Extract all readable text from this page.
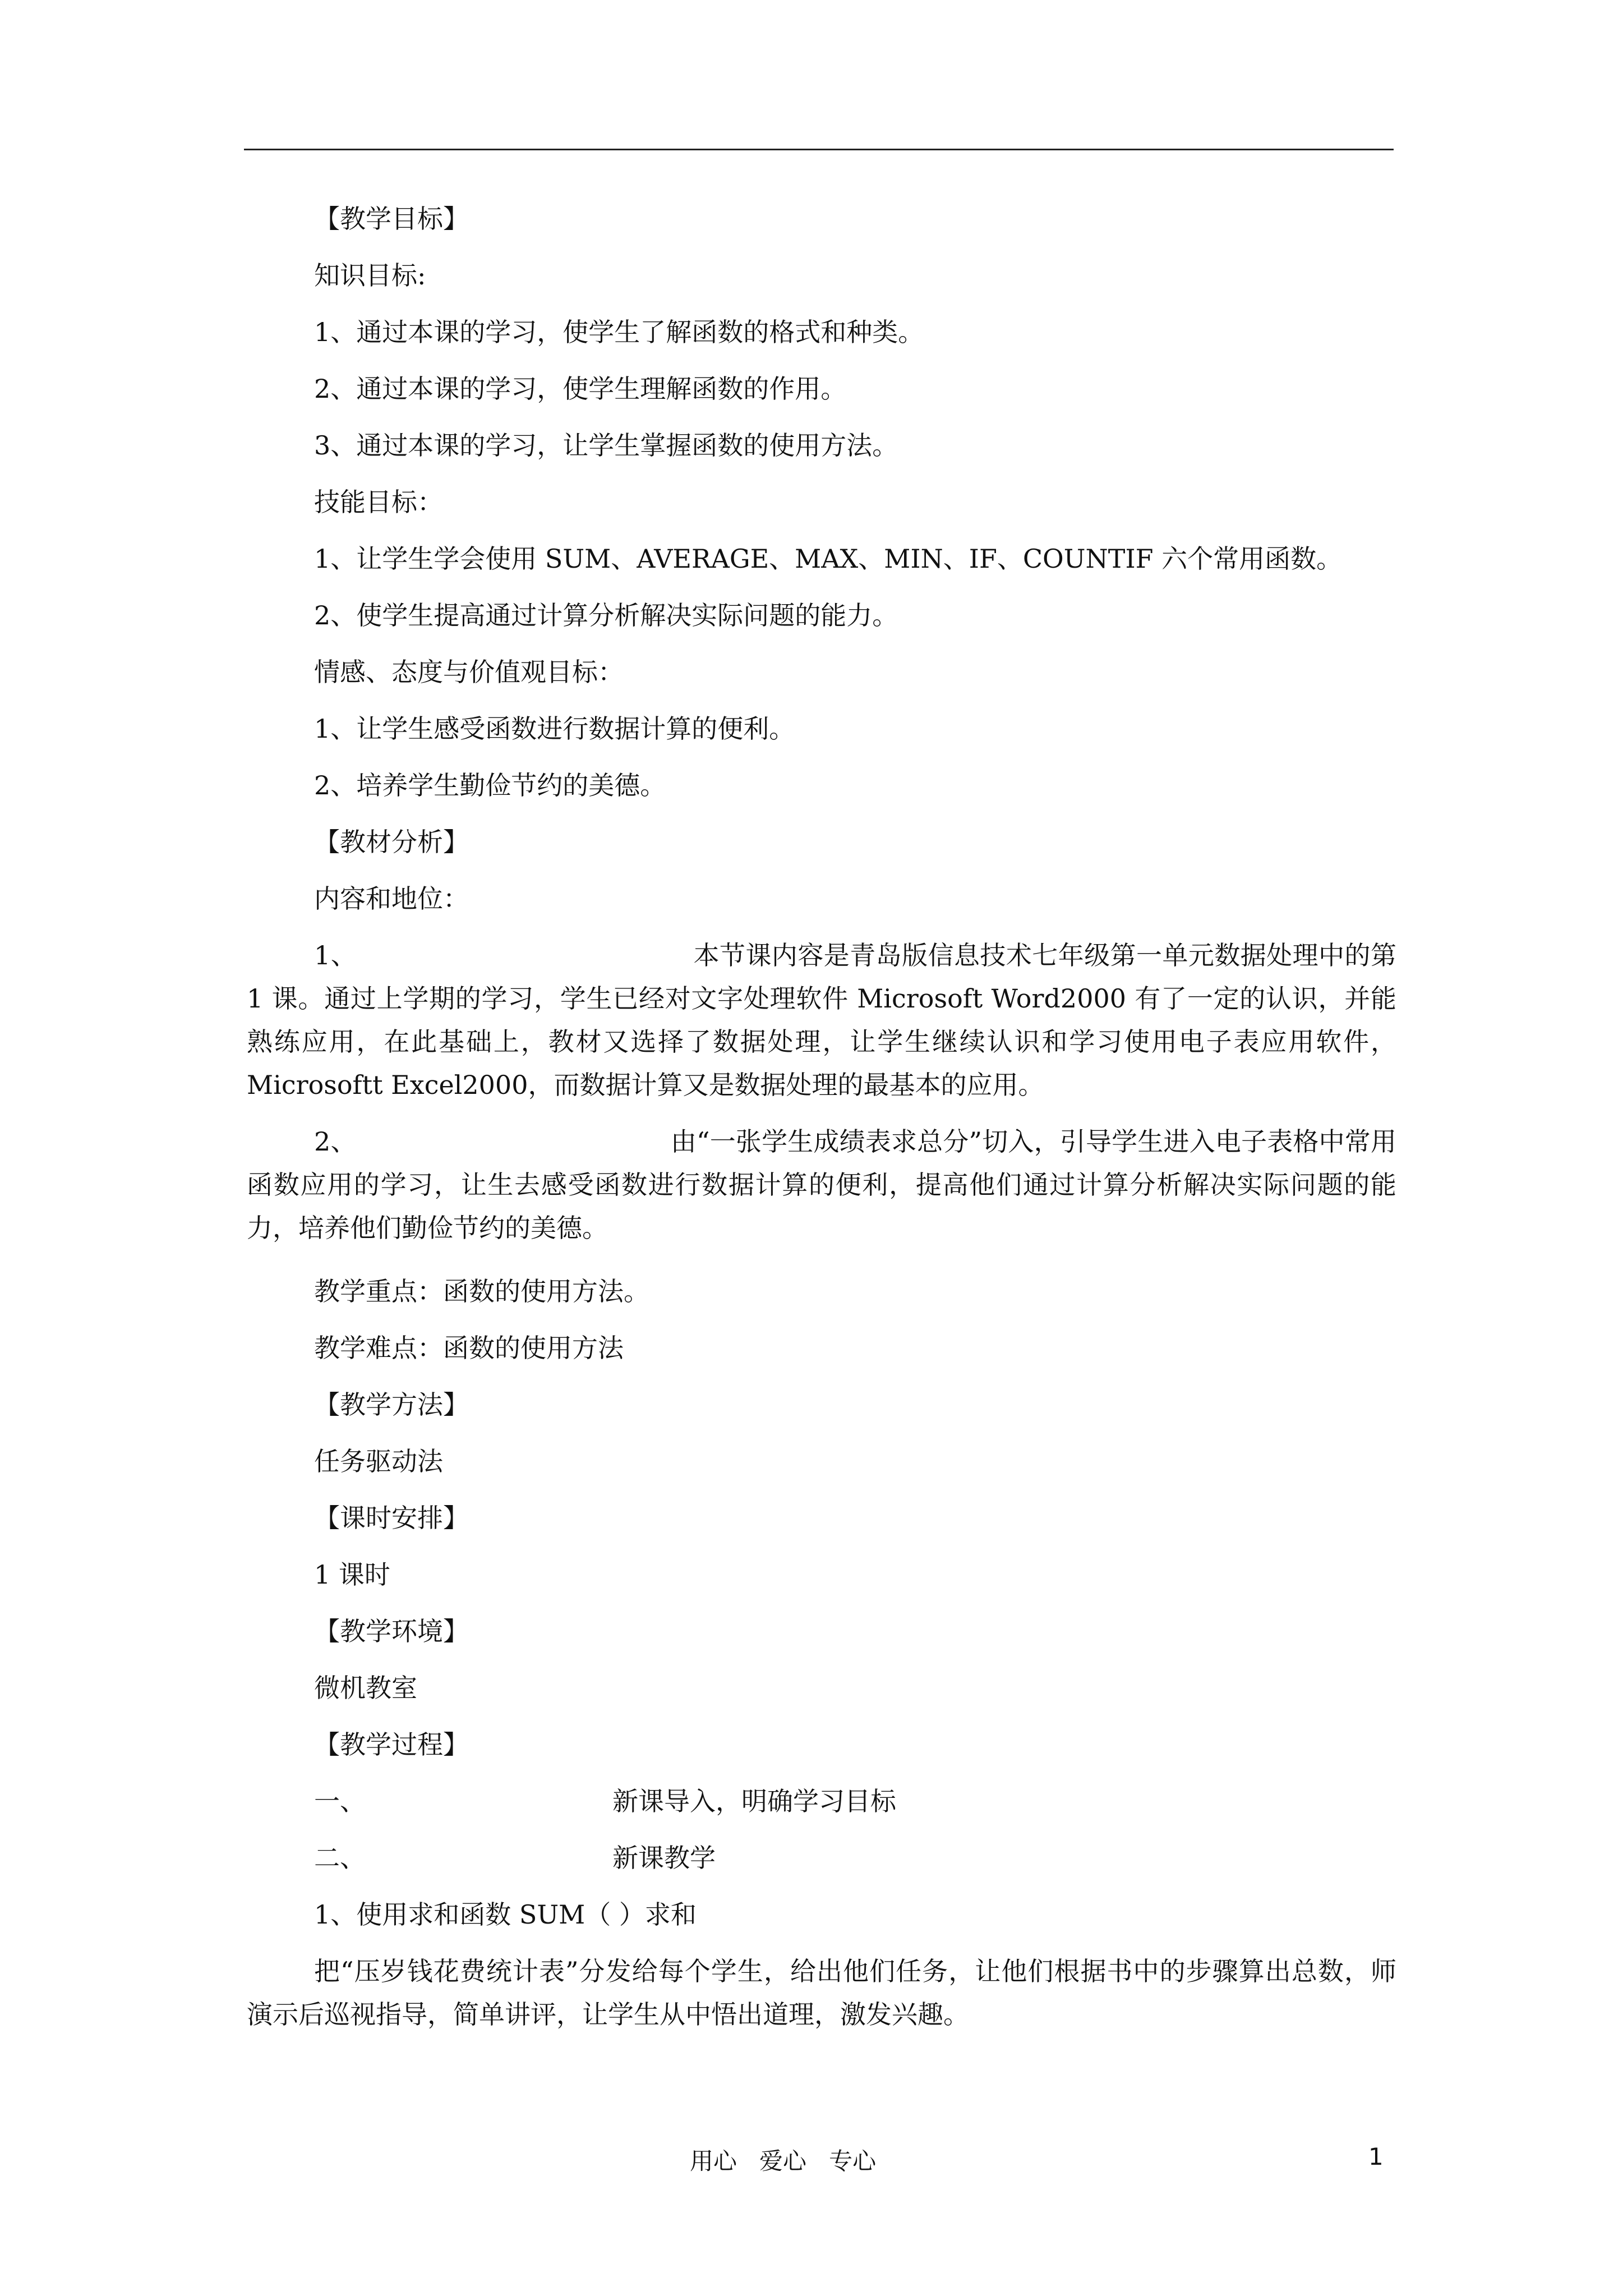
【教学目标】

知识目标:

1、通过本课的学习，使学生了解函数的格式和种类。

2、通过本课的学习，使学生理解函数的作用。

3、通过本课的学习，让学生掌握函数的使用方法。

技能目标：

1、让学生学会使用 SUM、AVERAGE、MAX、MIN、IF、COUNTIF 六个常用函数。

2、使学生提高通过计算分析解决实际问题的能力。

情感、态度与价值观目标：

1、让学生感受函数进行数据计算的便利。

2、培养学生勤俭节约的美德。

【教材分析】

内容和地位：

1、	本节课内容是青岛版信息技术七年级第一单元数据处理中的第 1 课。通过上学期的学习，学生已经对文字处理软件 Microsoft Word2000 有了一定的认识，并能熟练应用，在此基础上，教材又选择了数据处理，让学生继续认识和学习使用电子表应用软件，Microsoftt Excel2000，而数据计算又是数据处理的最基本的应用。

2、	由“一张学生成绩表求总分”切入，引导学生进入电子表格中常用函数应用的学习，让生去感受函数进行数据计算的便利，提高他们通过计算分析解决实际问题的能力，培养他们勤俭节约的美德。

教学重点：函数的使用方法。

教学难点：函数的使用方法

【教学方法】

任务驱动法

【课时安排】

1 课时

【教学环境】

微机教室

【教学过程】

一、	新课导入，明确学习目标

二、	新课教学

1、使用求和函数 SUM（ ）求和

把“压岁钱花费统计表”分发给每个学生，给出他们任务，让他们根据书中的步骤算出总数，师演示后巡视指导，简单讲评，让学生从中悟出道理，激发兴趣。

用心   爱心   专心	1
